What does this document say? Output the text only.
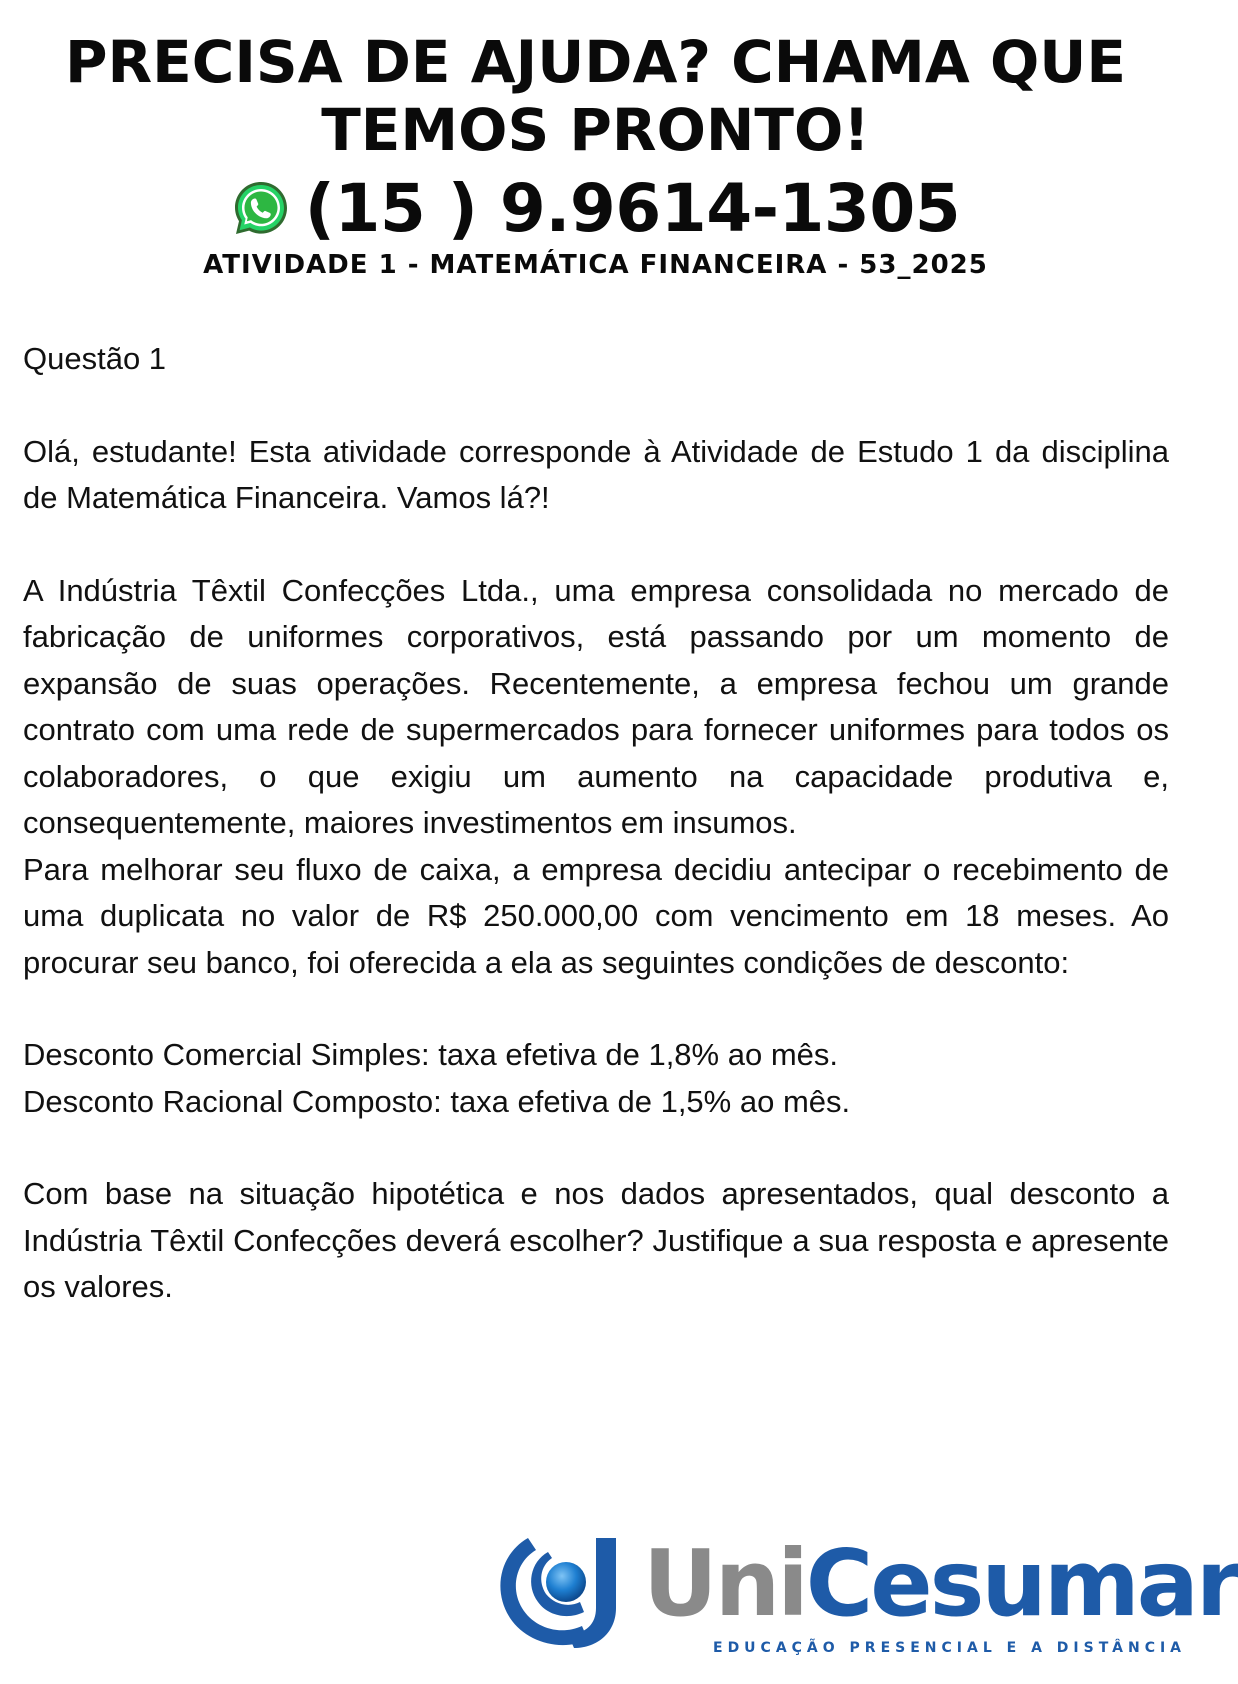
PRECISA DE AJUDA? CHAMA QUE
TEMOS PRONTO!
(15 ) 9.9614-1305
ATIVIDADE 1 - MATEMÁTICA FINANCEIRA - 53_2025

Questão 1

Olá, estudante! Esta atividade corresponde à Atividade de Estudo 1 da disciplina de Matemática Financeira. Vamos lá?!

A Indústria Têxtil Confecções Ltda., uma empresa consolidada no mercado de fabricação de uniformes corporativos, está passando por um momento de expansão de suas operações. Recentemente, a empresa fechou um grande contrato com uma rede de supermercados para fornecer uniformes para todos os colaboradores, o que exigiu um aumento na capacidade produtiva e, consequentemente, maiores investimentos em insumos.

Para melhorar seu fluxo de caixa, a empresa decidiu antecipar o recebimento de uma duplicata no valor de R$ 250.000,00 com vencimento em 18 meses. Ao procurar seu banco, foi oferecida a ela as seguintes condições de desconto:

Desconto Comercial Simples: taxa efetiva de 1,8% ao mês.

Desconto Racional Composto: taxa efetiva de 1,5% ao mês.

Com base na situação hipotética e nos dados apresentados, qual desconto a Indústria Têxtil Confecções deverá escolher? Justifique a sua resposta e apresente os valores.

UniCesumar
EDUCAÇÃO PRESENCIAL E A DISTÂNCIA
